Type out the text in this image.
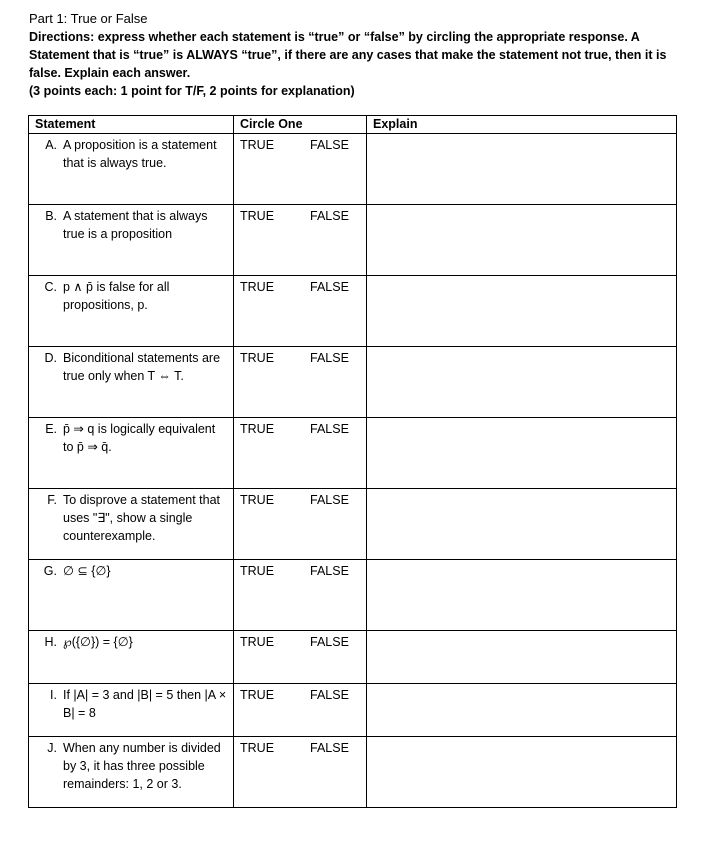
Part 1: True or False
Directions: express whether each statement is “true” or “false” by circling the appropriate response. A Statement that is “true” is ALWAYS “true”, if there are any cases that make the statement not true, then it is false. Explain each answer.
(3 points each: 1 point for T/F, 2 points for explanation)
Statement	Circle One	Explain

A. A proposition is a statement that is always true.	TRUE FALSE	

B. A statement that is always true is a proposition	TRUE FALSE	

C. p ∧ p̄ is false for all propositions, p.	TRUE FALSE	

D. Biconditional statements are true only when T ⇔ T.	TRUE FALSE	

E. p̄ ⇒ q is logically equivalent to p̄ ⇒ q̄.	TRUE FALSE	

F. To disprove a statement that uses "∃", show a single counterexample.	TRUE FALSE	

G. ∅ ⊆ {∅}	TRUE FALSE	

H. ℘({∅}) = {∅}	TRUE FALSE	

I. If |A| = 3 and |B| = 5 then |A × B| = 8	TRUE FALSE	

J. When any number is divided by 3, it has three possible remainders: 1, 2 or 3.	TRUE FALSE	
